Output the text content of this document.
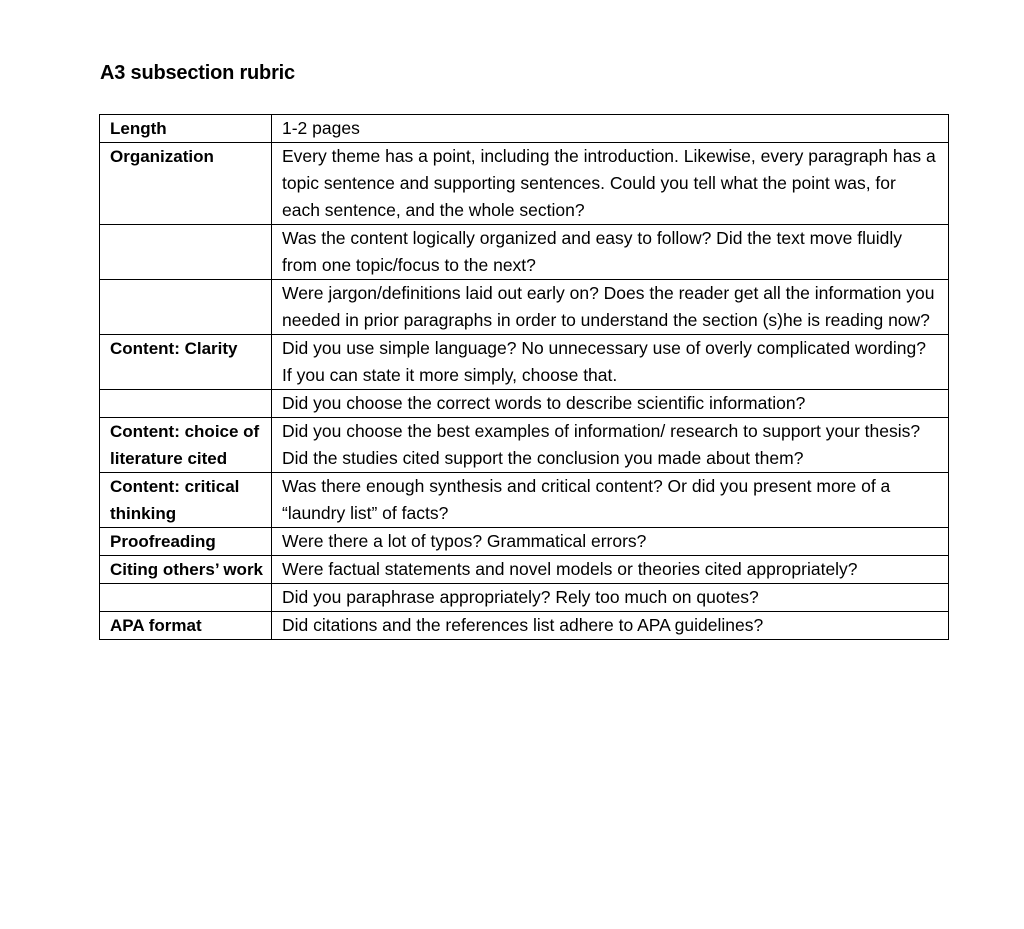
A3 subsection rubric
Length	1-2 pages
Organization	Every theme has a point, including the introduction. Likewise, every paragraph has a topic sentence and supporting sentences. Could you tell what the point was, for each sentence, and the whole section?
	Was the content logically organized and easy to follow? Did the text move fluidly from one topic/focus to the next?
	Were jargon/definitions laid out early on? Does the reader get all the information you needed in prior paragraphs in order to understand the section (s)he is reading now?
Content: Clarity	Did you use simple language? No unnecessary use of overly complicated wording? If you can state it more simply, choose that.
	Did you choose the correct words to describe scientific information?
Content: choice of literature cited	Did you choose the best examples of information/ research to support your thesis? Did the studies cited support the conclusion you made about them?
Content: critical thinking	Was there enough synthesis and critical content? Or did you present more of a “laundry list” of facts?
Proofreading	Were there a lot of typos? Grammatical errors?
Citing others’ work	Were factual statements and novel models or theories cited appropriately?
	Did you paraphrase appropriately? Rely too much on quotes?
APA format	Did citations and the references list adhere to APA guidelines?
